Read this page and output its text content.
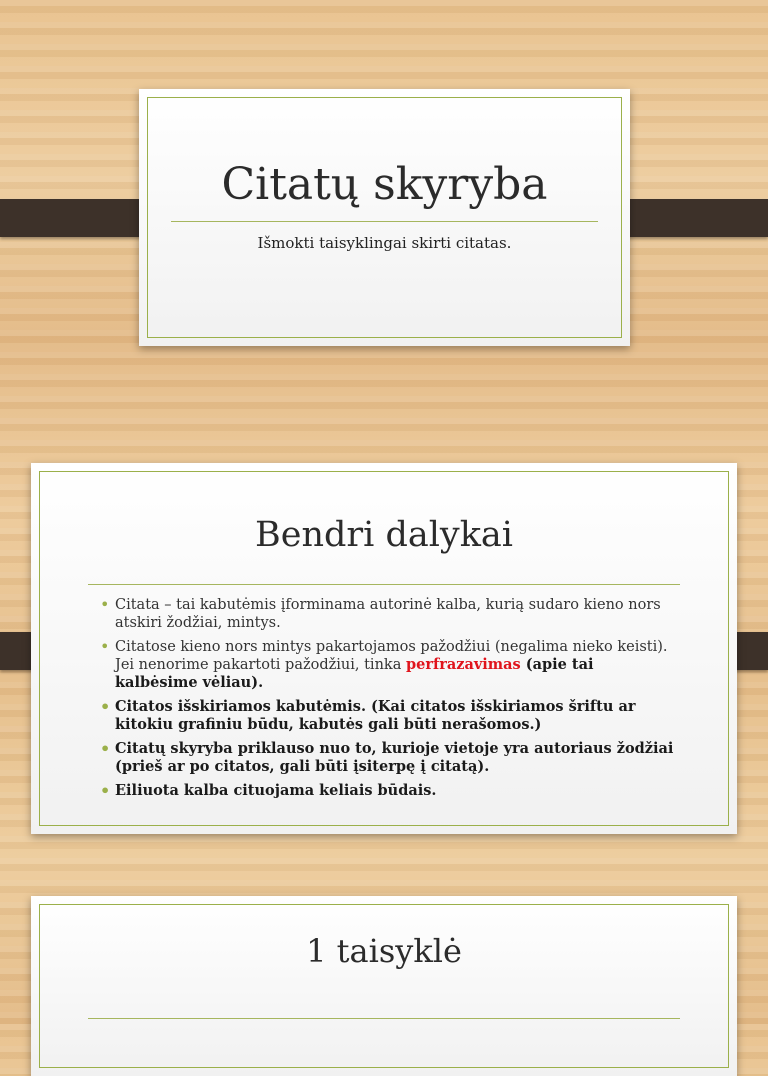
Citatų skyryba
Išmokti taisyklingai skirti citatas.
Bendri dalykai
• Citata – tai kabutėmis įforminama autorinė kalba, kurią sudaro kieno nors atskiri žodžiai, mintys.
• Citatose kieno nors mintys pakartojamos pažodžiui (negalima nieko keisti). Jei nenorime pakartoti pažodžiui, tinka perfrazavimas (apie tai kalbėsime vėliau).
• Citatos išskiriamos kabutėmis. (Kai citatos išskiriamos šriftu ar kitokiu grafiniu būdu, kabutės gali būti nerašomos.)
• Citatų skyryba priklauso nuo to, kurioje vietoje yra autoriaus žodžiai (prieš ar po citatos, gali būti įsiterpę į citatą).
• Eiliuota kalba cituojama keliais būdais.
1 taisyklė
